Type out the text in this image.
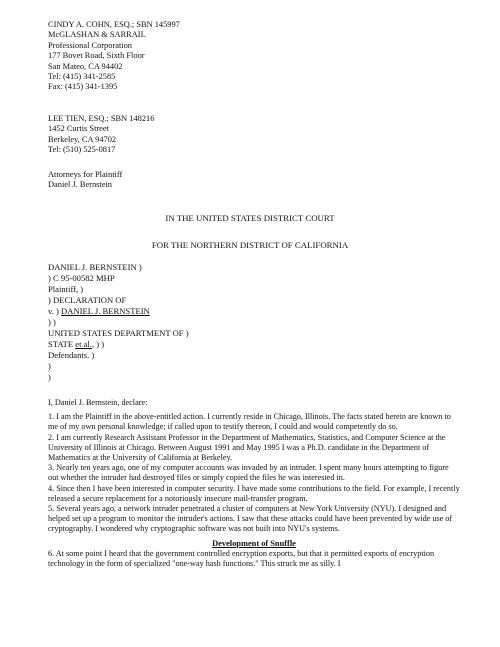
CINDY A. COHN, ESQ.; SBN 145997
McGLASHAN & SARRAIL
Professional Corporation
177 Bovet Road, Sixth Floor
San Mateo, CA 94402
Tel: (415) 341-2585
Fax: (415) 341-1395
LEE TIEN, ESQ.; SBN 148216
1452 Curtis Street
Berkeley, CA 94702
Tel: (510) 525-0817
Attorneys for Plaintiff
Daniel J. Bernstein
IN THE UNITED STATES DISTRICT COURT
FOR THE NORTHERN DISTRICT OF CALIFORNIA
DANIEL J. BERNSTEIN )
) C 95-00582 MHP
Plaintiff, )
) DECLARATION OF
v. ) DANIEL J. BERNSTEIN
) )
UNITED STATES DEPARTMENT OF )
STATE et al., ) )
Defendants. )
)
)

I, Daniel J. Bernstein, declare:

1. I am the Plaintiff in the above-entitled action. I currently reside in Chicago, Illinois. The facts stated herein are known to me of my own personal knowledge; if called upon to testify thereon, I could and would competently do so.

2. I am currently Research Assistant Professor in the Department of Mathematics, Statistics, and Computer Science at the University of Illinois at Chicago. Between August 1991 and May 1995 I was a Ph.D. candidate in the Department of Mathematics at the University of California at Berkeley.

3. Nearly ten years ago, one of my computer accounts was invaded by an intruder. I spent many hours attempting to figure out whether the intruder had destroyed files or simply copied the files he was interested in.

4. Since then I have been interested in computer security. I have made some contributions to the field. For example, I recently released a secure replacement for a notoriously insecure mail-transfer program.

5. Several years ago, a network intruder penetrated a cluster of computers at New York University (NYU). I designed and helped set up a program to monitor the intruder's actions. I saw that these attacks could have been prevented by wide use of cryptography. I wondered why cryptographic software was not built into NYU's systems.

Development of Snuffle

6. At some point I heard that the government controlled encryption exports, but that it permitted exports of encryption technology in the form of specialized "one-way hash functions." This struck me as silly. I
